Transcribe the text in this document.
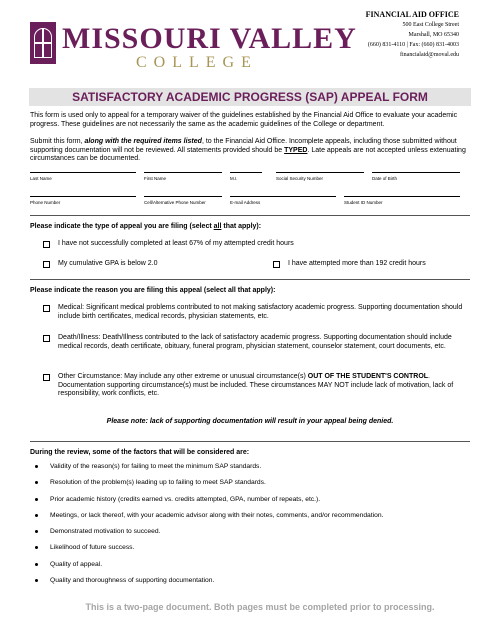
MISSOURI VALLEY
COLLEGE
FINANCIAL AID OFFICE
500 East College Street
Marshall, MO 65340
(660) 831-4110 | Fax: (660) 831-4003
financialaid@moval.edu
SATISFACTORY ACADEMIC PROGRESS (SAP) APPEAL FORM

This form is used only to appeal for a temporary waiver of the guidelines established by the Financial Aid Office to evaluate your academic progress. These guidelines are not necessarily the same as the academic guidelines of the College or department.

Submit this form, along with the required items listed, to the Financial Aid Office. Incomplete appeals, including those submitted without supporting documentation will not be reviewed. All statements provided should be TYPED. Late appeals are not accepted unless extenuating circumstances can be documented.

Last Name	First Name	M.I.	Social Security Number	Date of Birth
Phone Number	Cell/Alternative Phone Number	E-mail Address	Student ID Number
Please indicate the type of appeal you are filing (select all that apply):
I have not successfully completed at least 67% of my attempted credit hours
My cumulative GPA is below 2.0	I have attempted more than 192 credit hours
Please indicate the reason you are filing this appeal (select all that apply):

Medical: Significant medical problems contributed to not making satisfactory academic progress. Supporting documentation should include birth certificates, medical records, physician statements, etc.

Death/Illness: Death/Illness contributed to the lack of satisfactory academic progress. Supporting documentation should include medical records, death certificate, obituary, funeral program, physician statement, counselor statement, court documents, etc.

Other Circumstance: May include any other extreme or unusual circumstance(s) OUT OF THE STUDENT'S CONTROL. Documentation supporting circumstance(s) must be included. These circumstances MAY NOT include lack of motivation, lack of responsibility, work conflicts, etc.

Please note: lack of supporting documentation will result in your appeal being denied.
During the review, some of the factors that will be considered are:
Validity of the reason(s) for failing to meet the minimum SAP standards.
Resolution of the problem(s) leading up to failing to meet SAP standards.
Prior academic history (credits earned vs. credits attempted, GPA, number of repeats, etc.).
Meetings, or lack thereof, with your academic advisor along with their notes, comments, and/or recommendation.
Demonstrated motivation to succeed.
Likelihood of future success.
Quality of appeal.
Quality and thoroughness of supporting documentation.
This is a two-page document. Both pages must be completed prior to processing.
